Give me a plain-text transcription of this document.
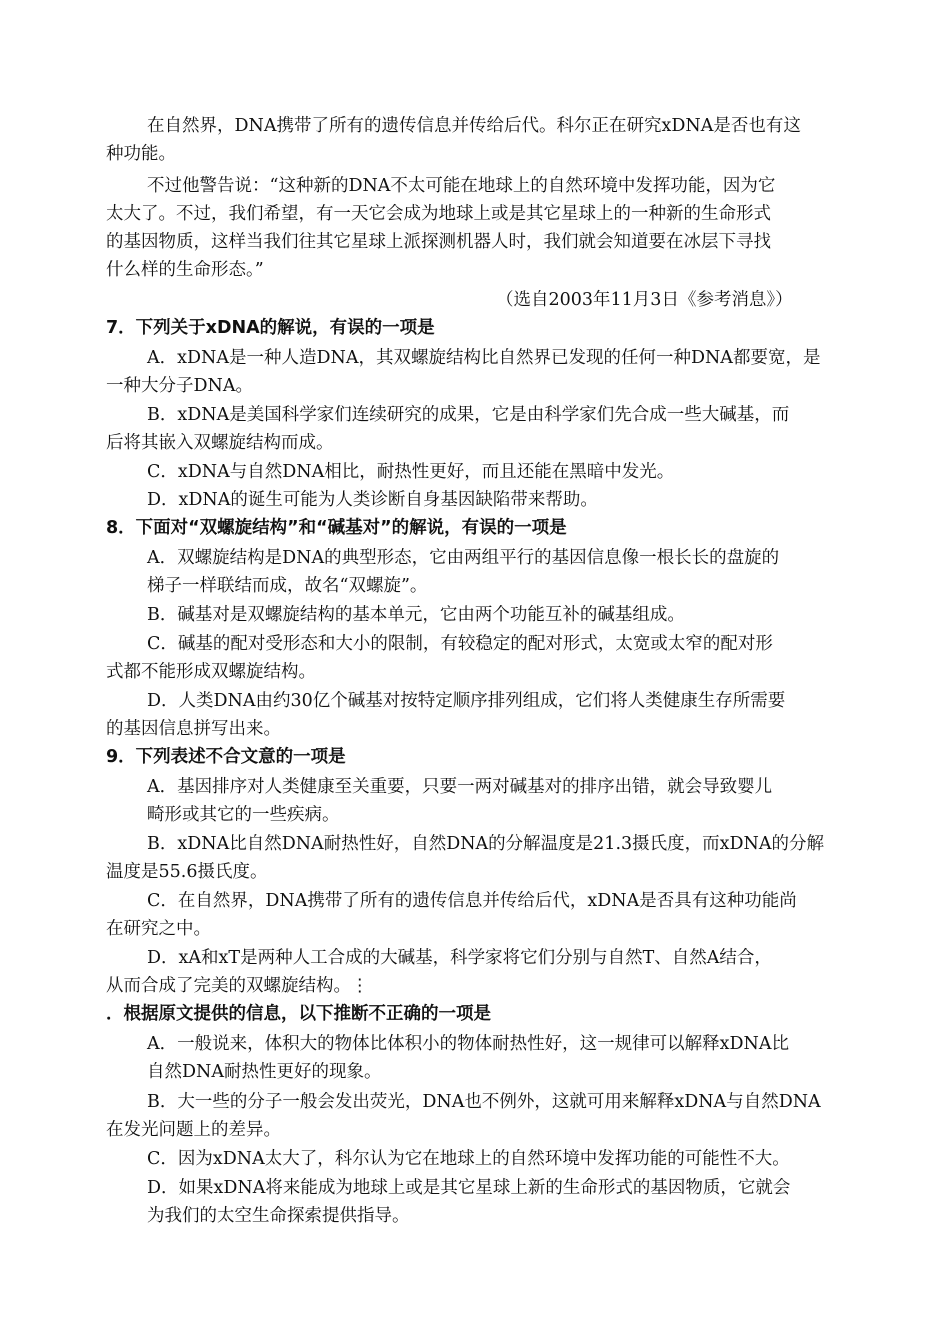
在自然界，DNA携带了所有的遗传信息并传给后代。科尔正在研究xDNA是否也有这
种功能。
不过他警告说：“这种新的DNA不太可能在地球上的自然环境中发挥功能，因为它
太大了。不过，我们希望，有一天它会成为地球上或是其它星球上的一种新的生命形式
的基因物质，这样当我们往其它星球上派探测机器人时，我们就会知道要在冰层下寻找
什么样的生命形态。”
（选自2003年11月3日《参考消息》）
7．下列关于xDNA的解说，有误的一项是
A．xDNA是一种人造DNA，其双螺旋结构比自然界已发现的任何一种DNA都要宽，是
一种大分子DNA。
B．xDNA是美国科学家们连续研究的成果，它是由科学家们先合成一些大碱基，而
后将其嵌入双螺旋结构而成。
C．xDNA与自然DNA相比，耐热性更好，而且还能在黑暗中发光。
D．xDNA的诞生可能为人类诊断自身基因缺陷带来帮助。
8．下面对“双螺旋结构”和“碱基对”的解说，有误的一项是
A．双螺旋结构是DNA的典型形态，它由两组平行的基因信息像一根长长的盘旋的
梯子一样联结而成，故名“双螺旋”。
B．碱基对是双螺旋结构的基本单元，它由两个功能互补的碱基组成。
C．碱基的配对受形态和大小的限制，有较稳定的配对形式，太宽或太窄的配对形
式都不能形成双螺旋结构。
D．人类DNA由约30亿个碱基对按特定顺序排列组成，它们将人类健康生存所需要
的基因信息拼写出来。
9．下列表述不合文意的一项是
A．基因排序对人类健康至关重要，只要一两对碱基对的排序出错，就会导致婴儿
畸形或其它的一些疾病。
B．xDNA比自然DNA耐热性好，自然DNA的分解温度是21.3摄氏度，而xDNA的分解
温度是55.6摄氏度。
C．在自然界，DNA携带了所有的遗传信息并传给后代，xDNA是否具有这种功能尚
在研究之中。
D．xA和xT是两种人工合成的大碱基，科学家将它们分别与自然T、自然A结合，
从而合成了完美的双螺旋结构。⋮
．根据原文提供的信息，以下推断不正确的一项是
A．一般说来，体积大的物体比体积小的物体耐热性好，这一规律可以解释xDNA比
自然DNA耐热性更好的现象。
B．大一些的分子一般会发出荧光，DNA也不例外，这就可用来解释xDNA与自然DNA
在发光问题上的差异。
C．因为xDNA太大了，科尔认为它在地球上的自然环境中发挥功能的可能性不大。
D．如果xDNA将来能成为地球上或是其它星球上新的生命形式的基因物质，它就会
为我们的太空生命探索提供指导。
